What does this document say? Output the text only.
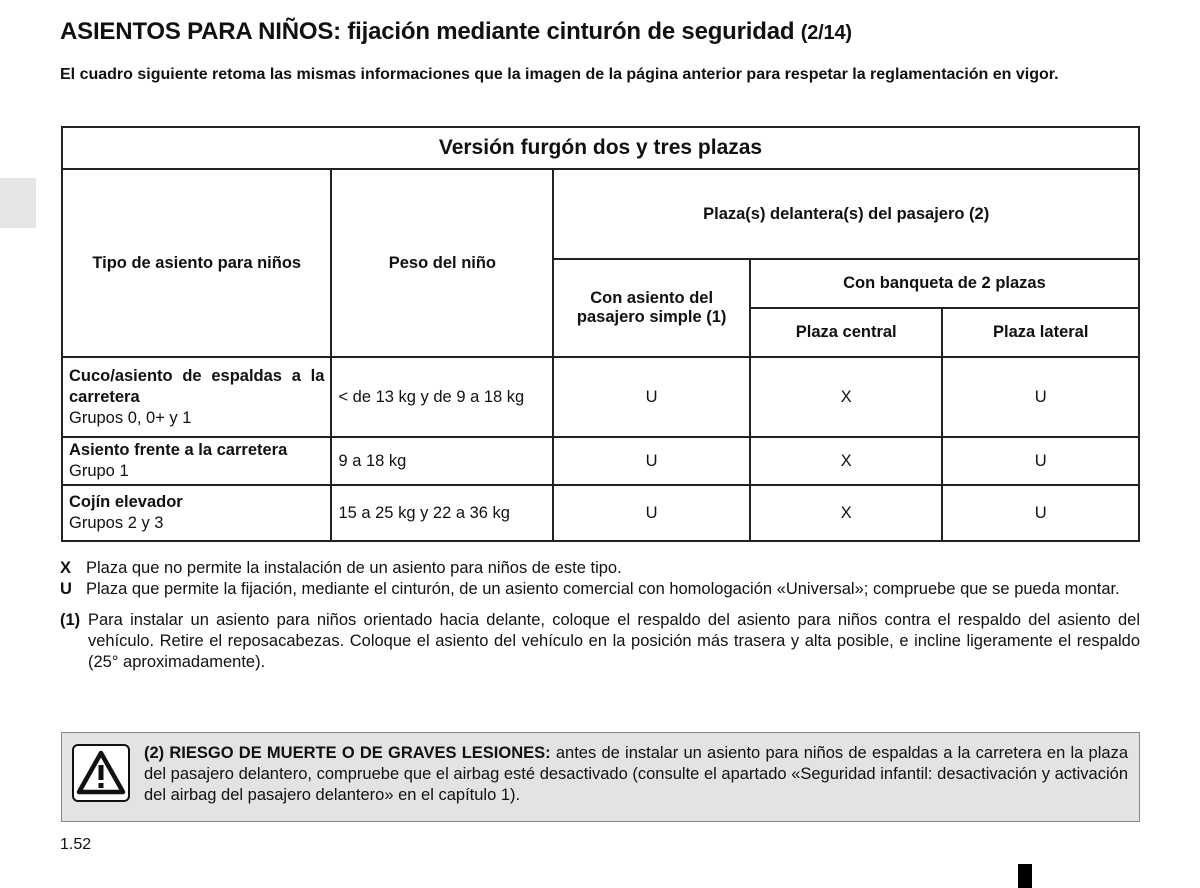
ASIENTOS PARA NIÑOS: fijación mediante cinturón de seguridad (2/14)
El cuadro siguiente retoma las mismas informaciones que la imagen de la página anterior para respetar la reglamentación en vigor.
Versión furgón dos y tres plazas				
Tipo de asiento para niños	Peso del niño	Plaza(s) delantera(s) del pasajero (2)		
		Con asiento del pasajero simple (1)	Con banqueta de 2 plazas	
			Plaza central	Plaza lateral

Cuco/asiento de espaldas a la carretera
Grupos 0, 0+ y 1	< de 13 kg y de 9 a 18 kg	U	X	U

Asiento frente a la carretera
Grupo 1	9 a 18 kg	U	X	U

Cojín elevador
Grupos 2 y 3	15 a 25 kg y 22 a 36 kg	U	X	U
X Plaza que no permite la instalación de un asiento para niños de este tipo.
U Plaza que permite la fijación, mediante el cinturón, de un asiento comercial con homologación «Universal»; compruebe que se pueda montar.
(1) Para instalar un asiento para niños orientado hacia delante, coloque el respaldo del asiento para niños contra el respaldo del asiento del vehículo. Retire el reposacabezas. Coloque el asiento del vehículo en la posición más trasera y alta posible, e incline ligeramente el respaldo (25° aproximadamente).
(2) RIESGO DE MUERTE O DE GRAVES LESIONES: antes de instalar un asiento para niños de espaldas a la carretera en la plaza del pasajero delantero, compruebe que el airbag esté desactivado (consulte el apartado «Seguridad infantil: desactivación y activación del airbag del pasajero delantero» en el capítulo 1).
1.52
